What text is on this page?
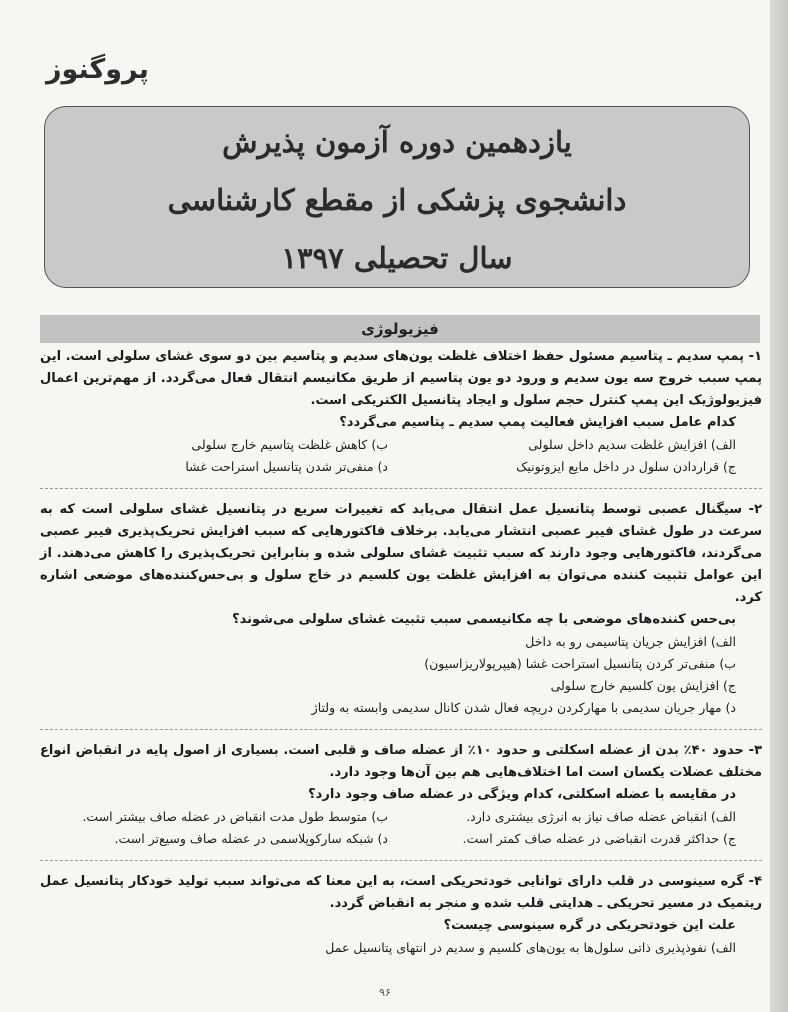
پروگنوز
یازدهمین دوره آزمون پذیرش
دانشجوی پزشکی از مقطع کارشناسی
سال تحصیلی ۱۳۹۷
فیزیولوژی

۱- پمپ سدیم ـ پتاسیم مسئول حفظ اختلاف غلظت یون‌های سدیم و پتاسیم بین دو سوی غشای سلولی است. این پمپ سبب خروج سه یون سدیم و ورود دو یون پتاسیم از طریق مکانیسم انتقال فعال می‌گردد. از مهم‌ترین اعمال فیزیولوژیک این پمپ کنترل حجم سلول و ایجاد پتانسیل الکتریکی است.

کدام عامل سبب افزایش فعالیت پمپ سدیم ـ پتاسیم می‌گردد؟

الف) افزایش غلظت سدیم داخل سلولی

ب) کاهش غلظت پتاسیم خارج سلولی

ج) قراردادن سلول در داخل مایع ایزوتونیک

د) منفی‌تر شدن پتانسیل استراحت غشا

۲- سیگنال عصبی توسط پتانسیل عمل انتقال می‌یابد که تغییرات سریع در پتانسیل غشای سلولی است که به سرعت در طول غشای فیبر عصبی انتشار می‌یابد. برخلاف فاکتورهایی که سبب افزایش تحریک‌پذیری فیبر عصبی می‌گردند، فاکتورهایی وجود دارند که سبب تثبیت غشای سلولی شده و بنابراین تحریک‌پذیری را کاهش می‌دهند. از این عوامل تثبیت کننده می‌توان به افزایش غلظت یون کلسیم در خاج سلول و بی‌حس‌کننده‌های موضعی اشاره کرد.

بی‌حس کننده‌های موضعی با چه مکانیسمی سبب تثبیت غشای سلولی می‌شوند؟

الف) افزایش جریان پتاسیمی رو به داخل

ب) منفی‌تر کردن پتانسیل استراحت غشا (هیپرپولاریزاسیون)

ج) افزایش یون کلسیم خارج سلولی

د) مهار جریان سدیمی با مهارکردن دریچه فعال شدن کانال سدیمی وابسته به ولتاژ

۳- حدود ۴۰٪ بدن از عضله اسکلتی و حدود ۱۰٪ از عضله صاف و قلبی است. بسیاری از اصول پایه در انقباض انواع مختلف عضلات یکسان است اما اختلاف‌هایی هم بین آن‌ها وجود دارد.

در مقایسه با عضله اسکلتی، کدام ویژگی در عضله صاف وجود دارد؟

الف) انقباض عضله صاف نیاز به انرژی بیشتری دارد.

ب) متوسط طول مدت انقباض در عضله صاف بیشتر است.

ج) حداکثر قدرت انقباضی در عضله صاف کمتر است.

د) شبکه سارکوپلاسمی در عضله صاف وسیع‌تر است.

۴- گره سینوسی در قلب دارای توانایی خودتحریکی است، به این معنا که می‌تواند سبب تولید خودکار پتانسیل عمل ریتمیک در مسیر تحریکی ـ هدایتی قلب شده و منجر به انقباض گردد.

علت این خودتحریکی در گره سینوسی چیست؟

الف) نفوذپذیری ذاتی سلول‌ها به یون‌های کلسیم و سدیم در انتهای پتانسیل عمل

۹۶
